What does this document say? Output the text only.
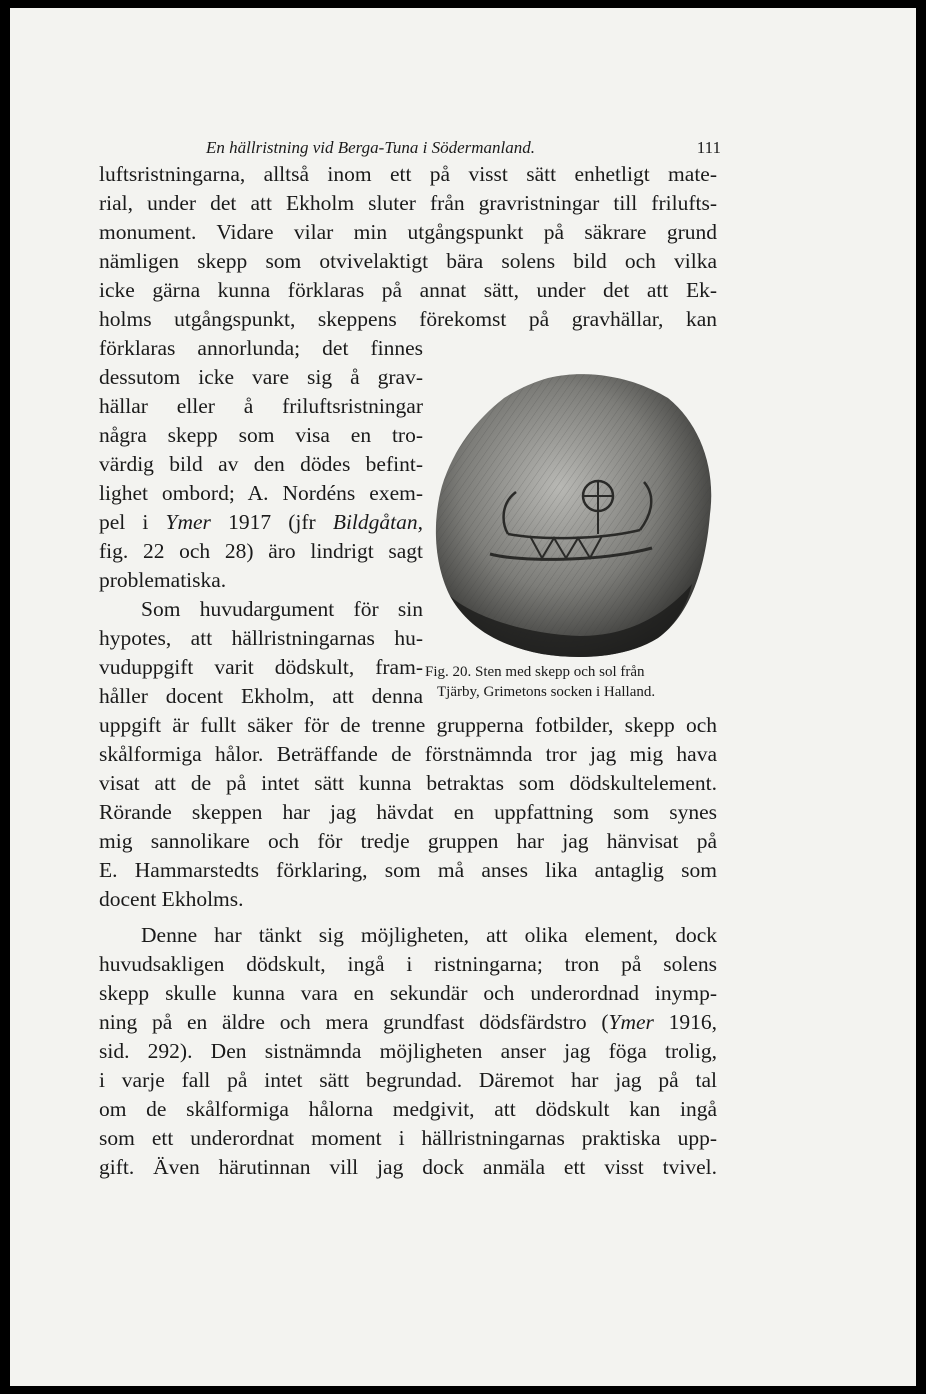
En hällristning vid Berga-Tuna i Södermanland.	111
luftsristningarna, alltså inom ett på visst sätt enhetligt mate-
rial, under det att Ekholm sluter från gravristningar till frilufts-
monument. Vidare vilar min utgångspunkt på säkrare grund
nämligen skepp som otvivelaktigt bära solens bild och vilka
icke gärna kunna förklaras på annat sätt, under det att Ek-
holms utgångspunkt, skeppens förekomst på gravhällar, kan
förklaras annorlunda; det finnes
dessutom icke vare sig å grav-
hällar eller å friluftsristningar
några skepp som visa en tro-
värdig bild av den dödes befint-
lighet ombord; A. Nordéns exem-
pel i Ymer 1917 (jfr Bildgåtan,
fig. 22 och 28) äro lindrigt sagt
problematiska.
Som huvudargument för sin
hypotes, att hällristningarnas hu-
vuduppgift varit dödskult, fram-
håller docent Ekholm, att denna
uppgift är fullt säker för de trenne grupperna fotbilder, skepp och
skålformiga hålor. Beträffande de förstnämnda tror jag mig hava
visat att de på intet sätt kunna betraktas som dödskultelement.
Rörande skeppen har jag hävdat en uppfattning som synes
mig sannolikare och för tredje gruppen har jag hänvisat på
E. Hammarstedts förklaring, som må anses lika antaglig som
docent Ekholms.
Denne har tänkt sig möjligheten, att olika element, dock
huvudsakligen dödskult, ingå i ristningarna; tron på solens
skepp skulle kunna vara en sekundär och underordnad inymp-
ning på en äldre och mera grundfast dödsfärdstro (Ymer 1916,
sid. 292). Den sistnämnda möjligheten anser jag föga trolig,
i varje fall på intet sätt begrundad. Däremot har jag på tal
om de skålformiga hålorna medgivit, att dödskult kan ingå
som ett underordnat moment i hällristningarnas praktiska upp-
gift. Även härutinnan vill jag dock anmäla ett visst tvivel.
Fig. 20. Sten med skepp och sol från
Tjärby, Grimetons socken i Halland.
